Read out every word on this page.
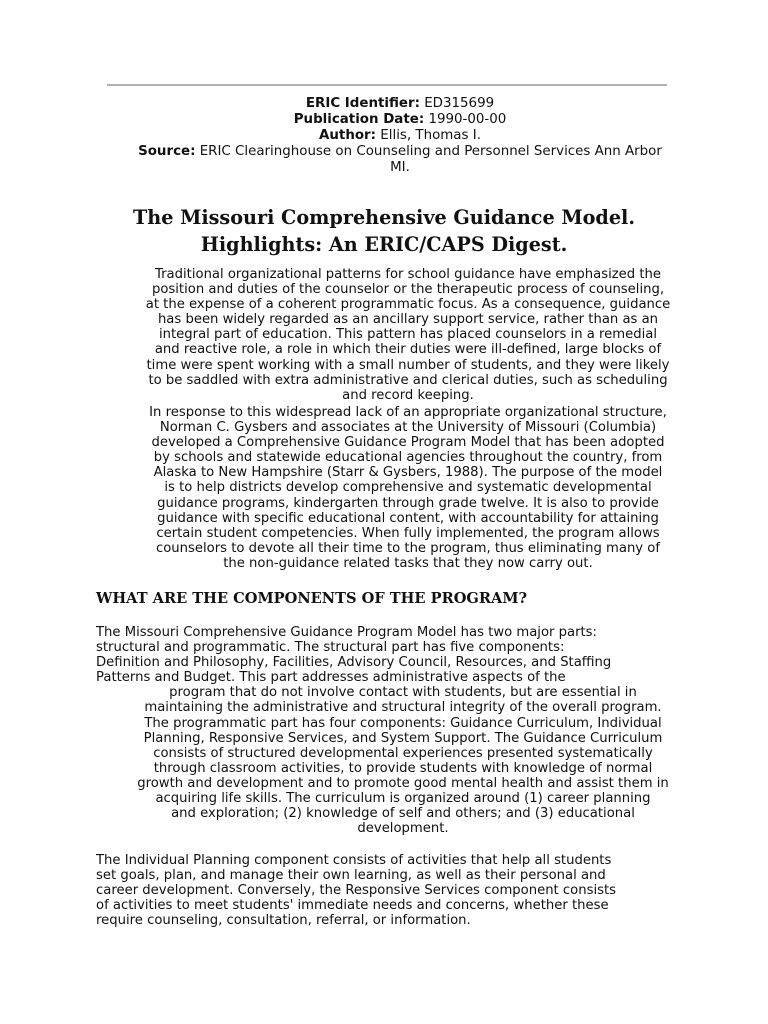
ERIC Identifier: ED315699
Publication Date: 1990-00-00
Author: Ellis, Thomas I.
Source: ERIC Clearinghouse on Counseling and Personnel Services Ann Arbor
MI.
The Missouri Comprehensive Guidance Model.
Highlights: An ERIC/CAPS Digest.

Traditional organizational patterns for school guidance have emphasized the
position and duties of the counselor or the therapeutic process of counseling,
at the expense of a coherent programmatic focus. As a consequence, guidance
has been widely regarded as an ancillary support service, rather than as an
integral part of education. This pattern has placed counselors in a remedial
and reactive role, a role in which their duties were ill-defined, large blocks of
time were spent working with a small number of students, and they were likely
to be saddled with extra administrative and clerical duties, such as scheduling
and record keeping.

In response to this widespread lack of an appropriate organizational structure,
Norman C. Gysbers and associates at the University of Missouri (Columbia)
developed a Comprehensive Guidance Program Model that has been adopted
by schools and statewide educational agencies throughout the country, from
Alaska to New Hampshire (Starr & Gysbers, 1988). The purpose of the model
is to help districts develop comprehensive and systematic developmental
guidance programs, kindergarten through grade twelve. It is also to provide
guidance with specific educational content, with accountability for attaining
certain student competencies. When fully implemented, the program allows
counselors to devote all their time to the program, thus eliminating many of
the non-guidance related tasks that they now carry out.

WHAT ARE THE COMPONENTS OF THE PROGRAM?

The Missouri Comprehensive Guidance Program Model has two major parts:
structural and programmatic. The structural part has five components:
Definition and Philosophy, Facilities, Advisory Council, Resources, and Staffing
Patterns and Budget. This part addresses administrative aspects of the
program that do not involve contact with students, but are essential in
maintaining the administrative and structural integrity of the overall program.
The programmatic part has four components: Guidance Curriculum, Individual
Planning, Responsive Services, and System Support. The Guidance Curriculum
consists of structured developmental experiences presented systematically
through classroom activities, to provide students with knowledge of normal
growth and development and to promote good mental health and assist them in
acquiring life skills. The curriculum is organized around (1) career planning
and exploration; (2) knowledge of self and others; and (3) educational
development.

The Individual Planning component consists of activities that help all students
set goals, plan, and manage their own learning, as well as their personal and
career development. Conversely, the Responsive Services component consists
of activities to meet students' immediate needs and concerns, whether these
require counseling, consultation, referral, or information.
